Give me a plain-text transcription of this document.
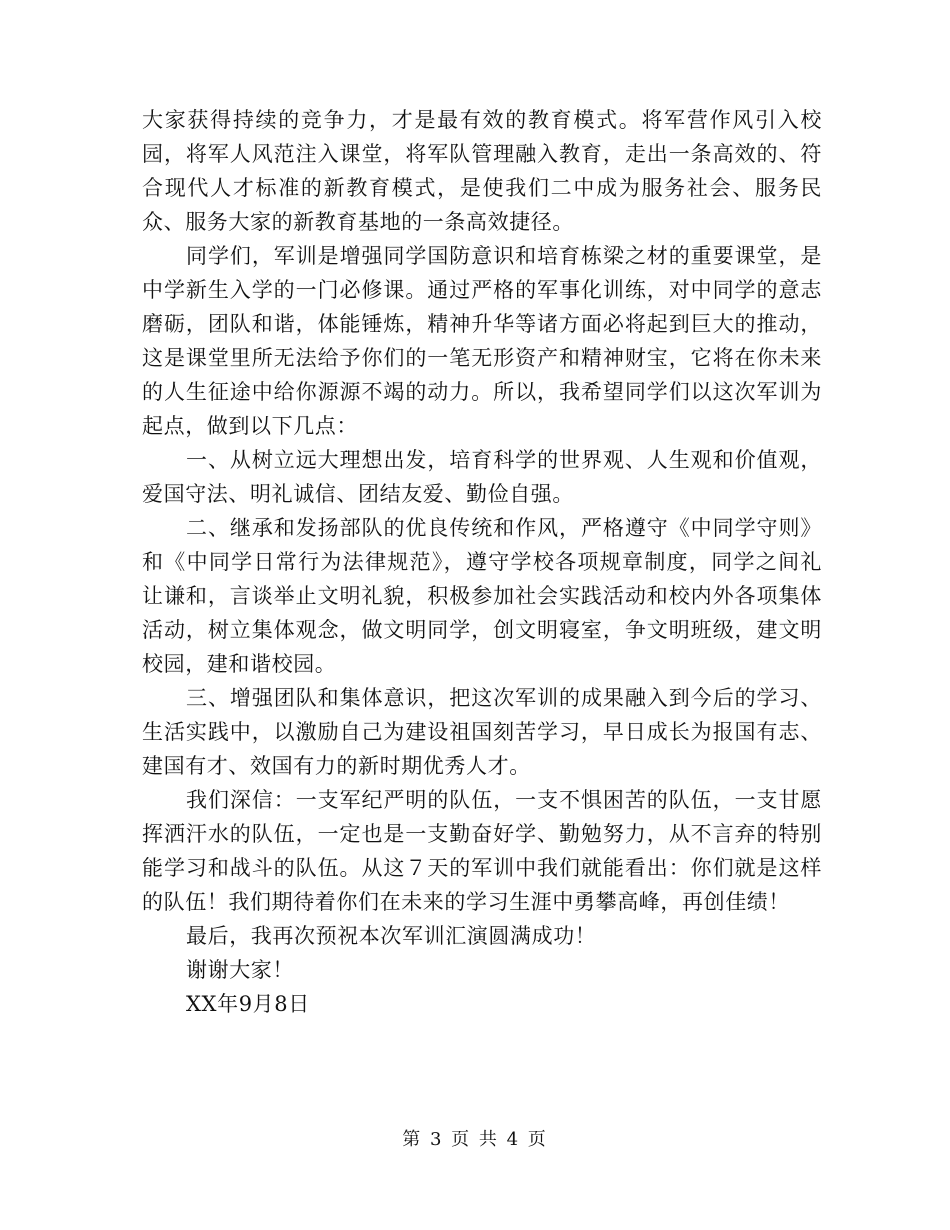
大家获得持续的竞争力，才是最有效的教育模式。将军营作风引入校园，将军人风范注入课堂，将军队管理融入教育，走出一条高效的、符合现代人才标准的新教育模式，是使我们二中成为服务社会、服务民众、服务大家的新教育基地的一条高效捷径。

同学们，军训是增强同学国防意识和培育栋梁之材的重要课堂，是中学新生入学的一门必修课。通过严格的军事化训练，对中同学的意志磨砺，团队和谐，体能锤炼，精神升华等诸方面必将起到巨大的推动，这是课堂里所无法给予你们的一笔无形资产和精神财宝，它将在你未来的人生征途中给你源源不竭的动力。所以，我希望同学们以这次军训为起点，做到以下几点：

一、从树立远大理想出发，培育科学的世界观、人生观和价值观，爱国守法、明礼诚信、团结友爱、勤俭自强。

二、继承和发扬部队的优良传统和作风，严格遵守《中同学守则》和《中同学日常行为法律规范》，遵守学校各项规章制度，同学之间礼让谦和，言谈举止文明礼貌，积极参加社会实践活动和校内外各项集体活动，树立集体观念，做文明同学，创文明寝室，争文明班级，建文明校园，建和谐校园。

三、增强团队和集体意识，把这次军训的成果融入到今后的学习、生活实践中，以激励自己为建设祖国刻苦学习，早日成长为报国有志、建国有才、效国有力的新时期优秀人才。

我们深信：一支军纪严明的队伍，一支不惧困苦的队伍，一支甘愿挥洒汗水的队伍，一定也是一支勤奋好学、勤勉努力，从不言弃的特别能学习和战斗的队伍。从这７天的军训中我们就能看出：你们就是这样的队伍！我们期待着你们在未来的学习生涯中勇攀高峰，再创佳绩！

最后，我再次预祝本次军训汇演圆满成功！

谢谢大家！

XX年9月8日

第 3 页 共 4 页
